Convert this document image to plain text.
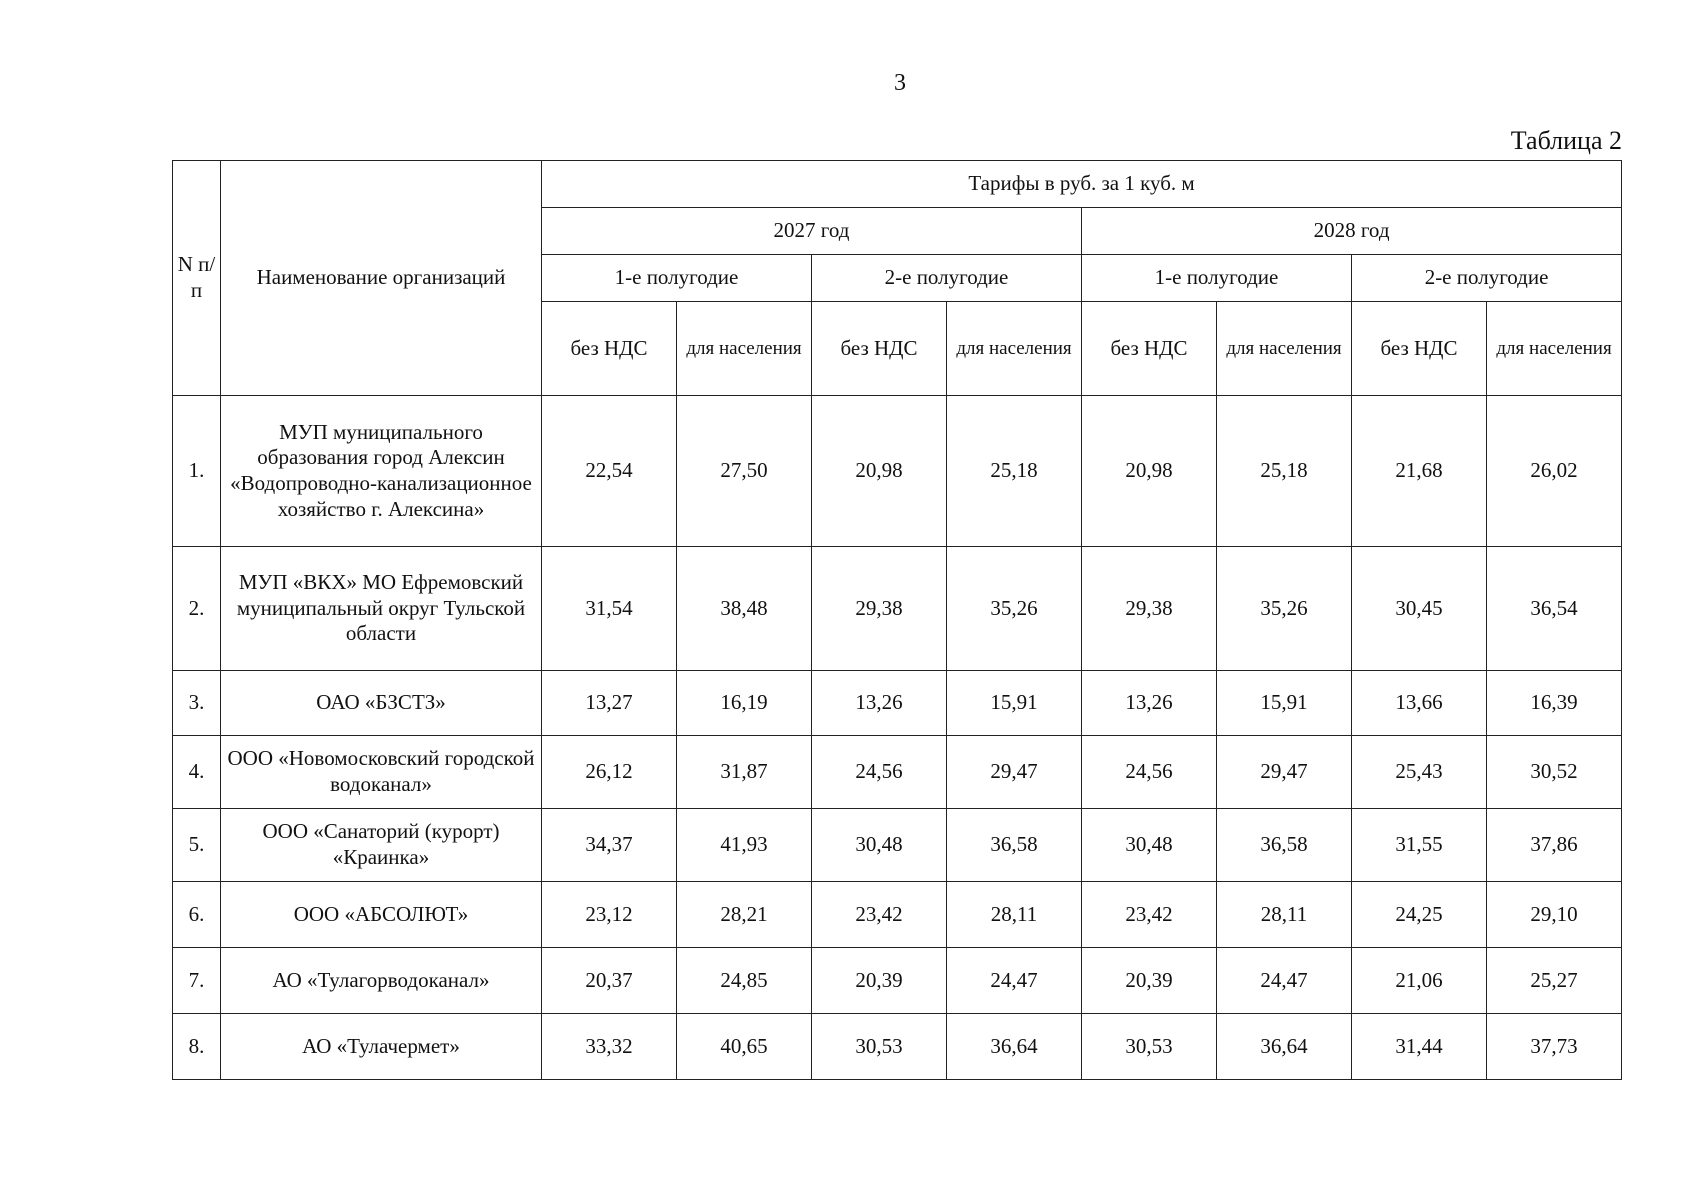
3
Таблица 2
N п/п	Наименование организаций	Тарифы в руб. за 1 куб. м							
		2027 год				2028 год			
		1-е полугодие		2-е полугодие		1-е полугодие		2-е полугодие	
		без НДС	для населения	без НДС	для населения	без НДС	для населения	без НДС	для населения
1.	МУП муниципального образования город Алексин «Водопроводно-канализационное хозяйство г. Алексина»	22,54	27,50	20,98	25,18	20,98	25,18	21,68	26,02
2.	МУП «ВКХ» МО Ефремовский муниципальный округ Тульской области	31,54	38,48	29,38	35,26	29,38	35,26	30,45	36,54
3.	ОАО «БЗСТЗ»	13,27	16,19	13,26	15,91	13,26	15,91	13,66	16,39
4.	ООО «Новомосковский городской водоканал»	26,12	31,87	24,56	29,47	24,56	29,47	25,43	30,52
5.	ООО «Санаторий (курорт) «Краинка»	34,37	41,93	30,48	36,58	30,48	36,58	31,55	37,86
6.	ООО «АБСОЛЮТ»	23,12	28,21	23,42	28,11	23,42	28,11	24,25	29,10
7.	АО «Тулагорводоканал»	20,37	24,85	20,39	24,47	20,39	24,47	21,06	25,27
8.	АО «Тулачермет»	33,32	40,65	30,53	36,64	30,53	36,64	31,44	37,73
